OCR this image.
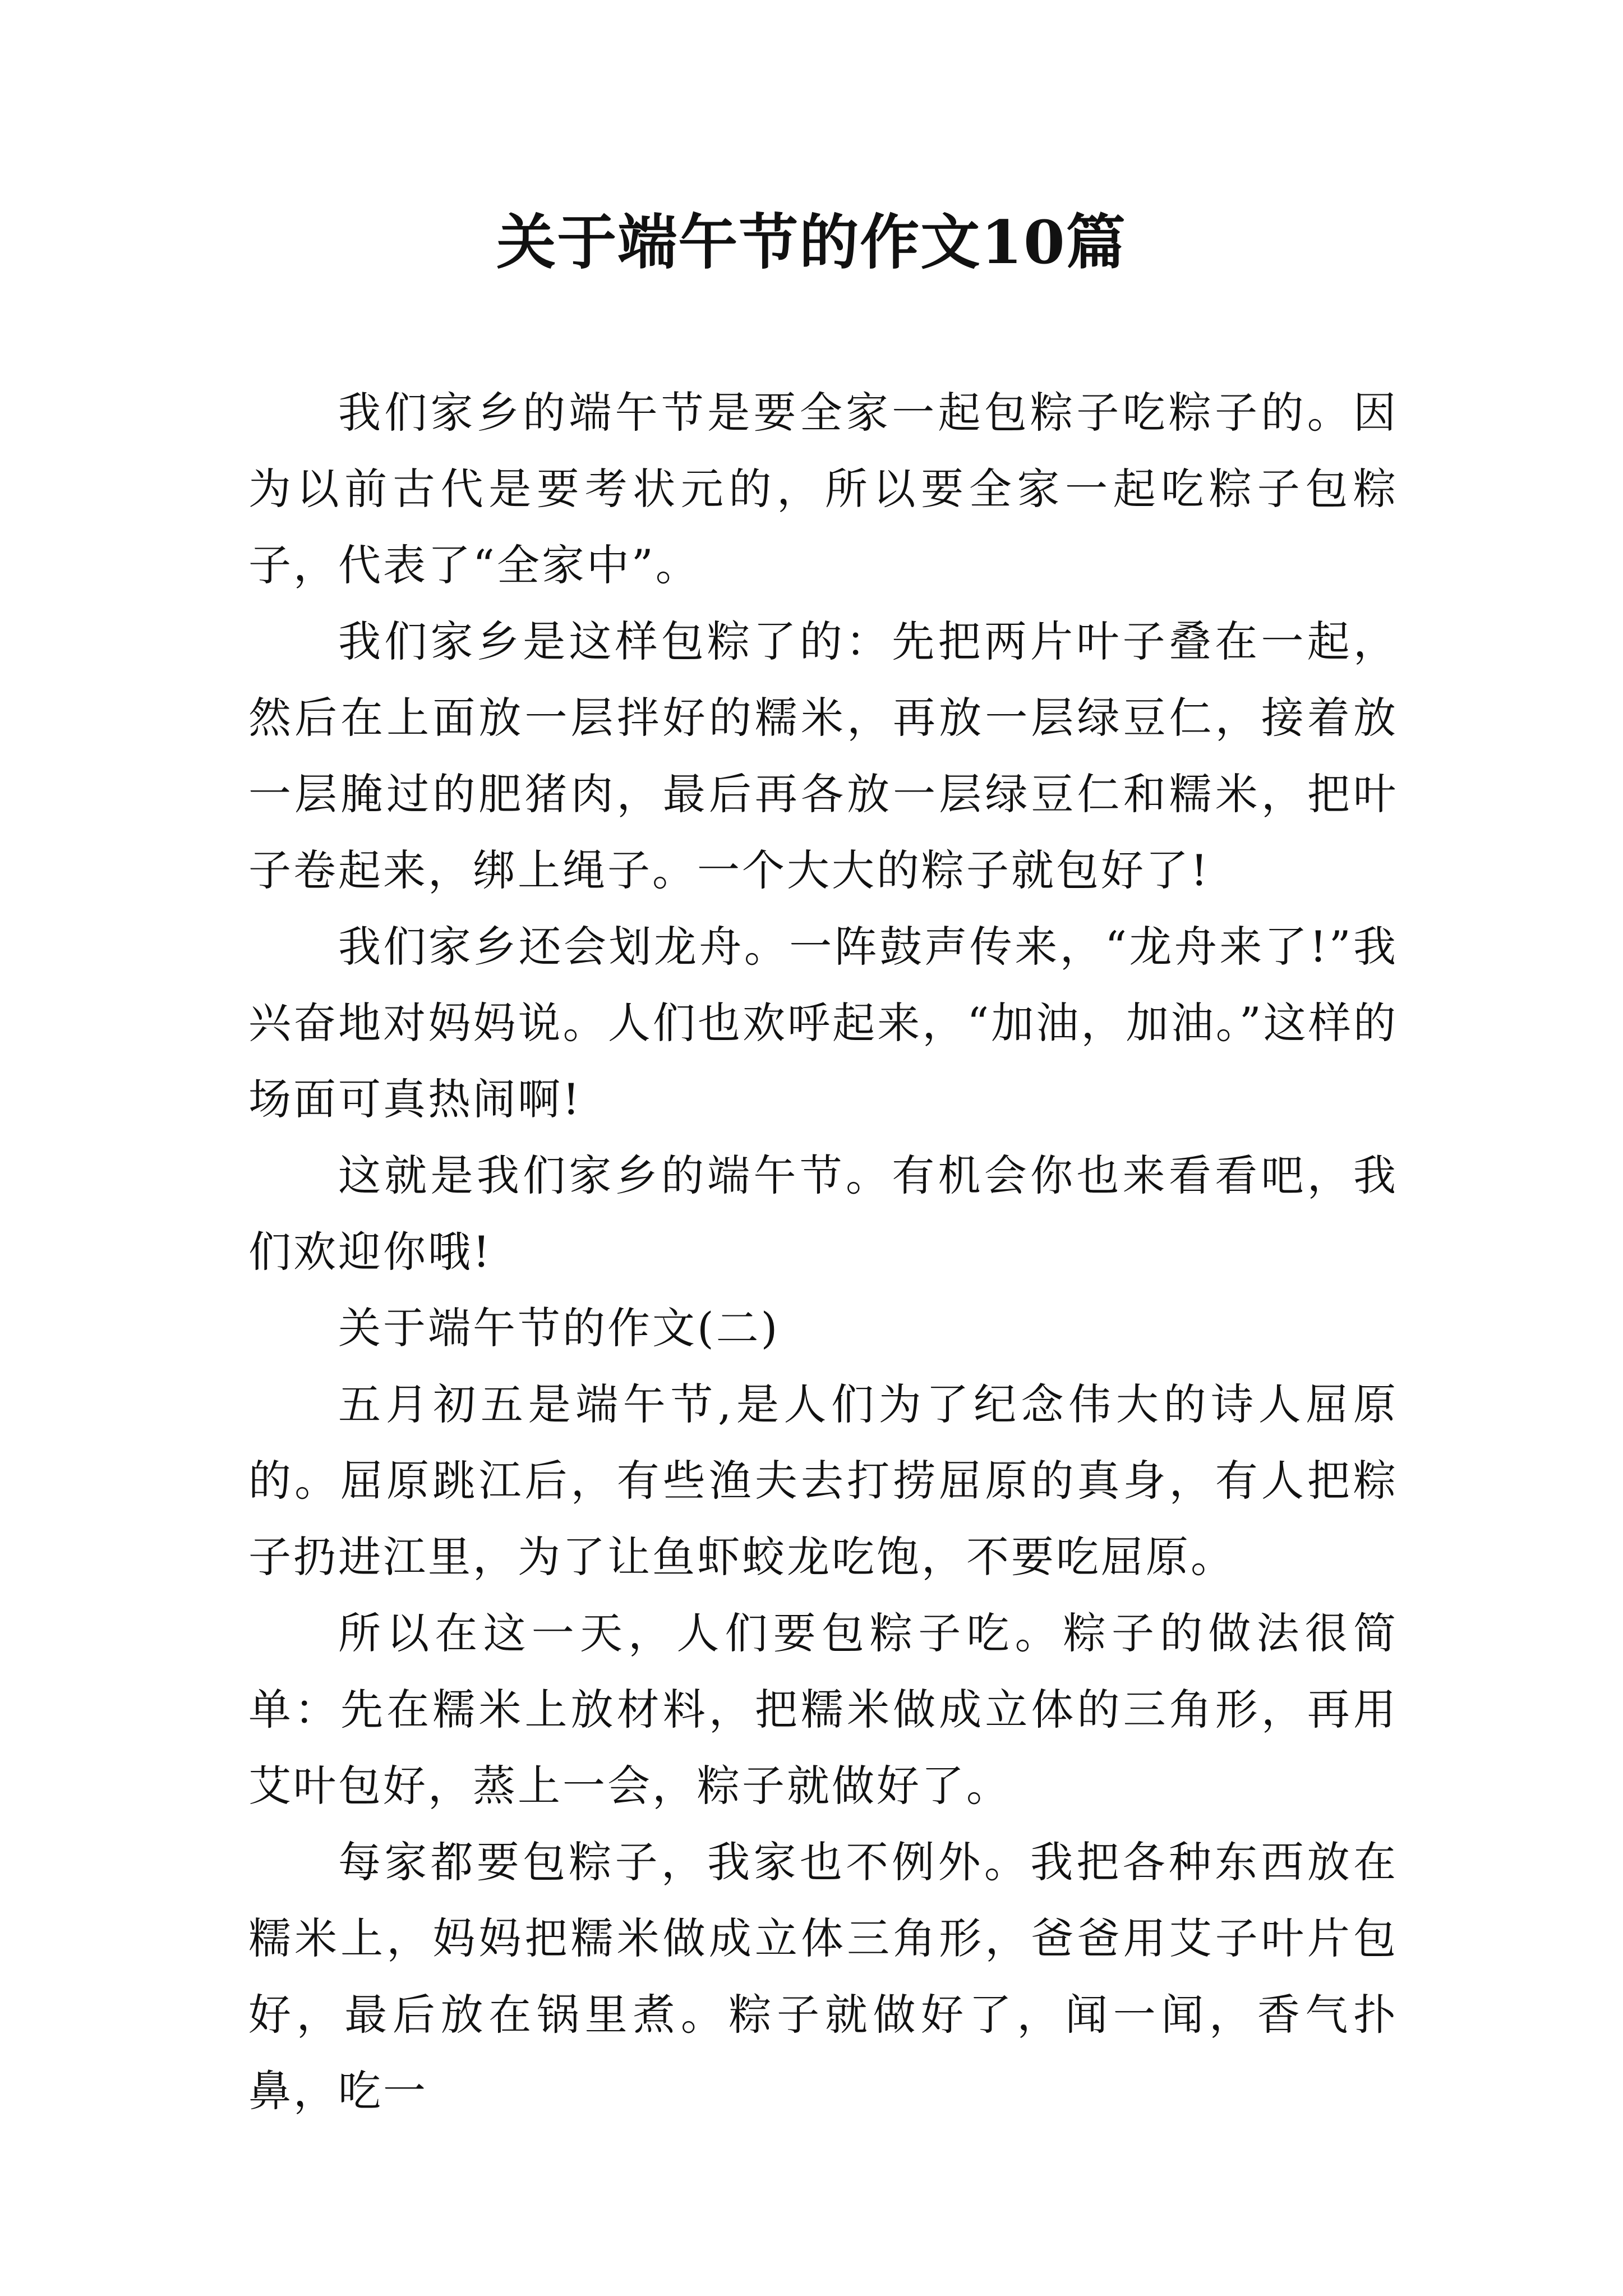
关于端午节的作文10篇

我们家乡的端午节是要全家一起包粽子吃粽子的。因为以前古代是要考状元的，所以要全家一起吃粽子包粽子，代表了“全家中”。

我们家乡是这样包粽了的：先把两片叶子叠在一起，然后在上面放一层拌好的糯米，再放一层绿豆仁，接着放一层腌过的肥猪肉，最后再各放一层绿豆仁和糯米，把叶子卷起来，绑上绳子。一个大大的粽子就包好了!

我们家乡还会划龙舟。一阵鼓声传来，“龙舟来了!”我兴奋地对妈妈说。人们也欢呼起来，“加油，加油。”这样的场面可真热闹啊!

这就是我们家乡的端午节。有机会你也来看看吧，我们欢迎你哦!

关于端午节的作文(二)

五月初五是端午节,是人们为了纪念伟大的诗人屈原的。屈原跳江后，有些渔夫去打捞屈原的真身，有人把粽子扔进江里，为了让鱼虾蛟龙吃饱，不要吃屈原。

所以在这一天，人们要包粽子吃。粽子的做法很简单：先在糯米上放材料，把糯米做成立体的三角形，再用艾叶包好，蒸上一会，粽子就做好了。

每家都要包粽子，我家也不例外。我把各种东西放在糯米上，妈妈把糯米做成立体三角形，爸爸用艾子叶片包好，最后放在锅里煮。粽子就做好了，闻一闻，香气扑鼻，吃一
